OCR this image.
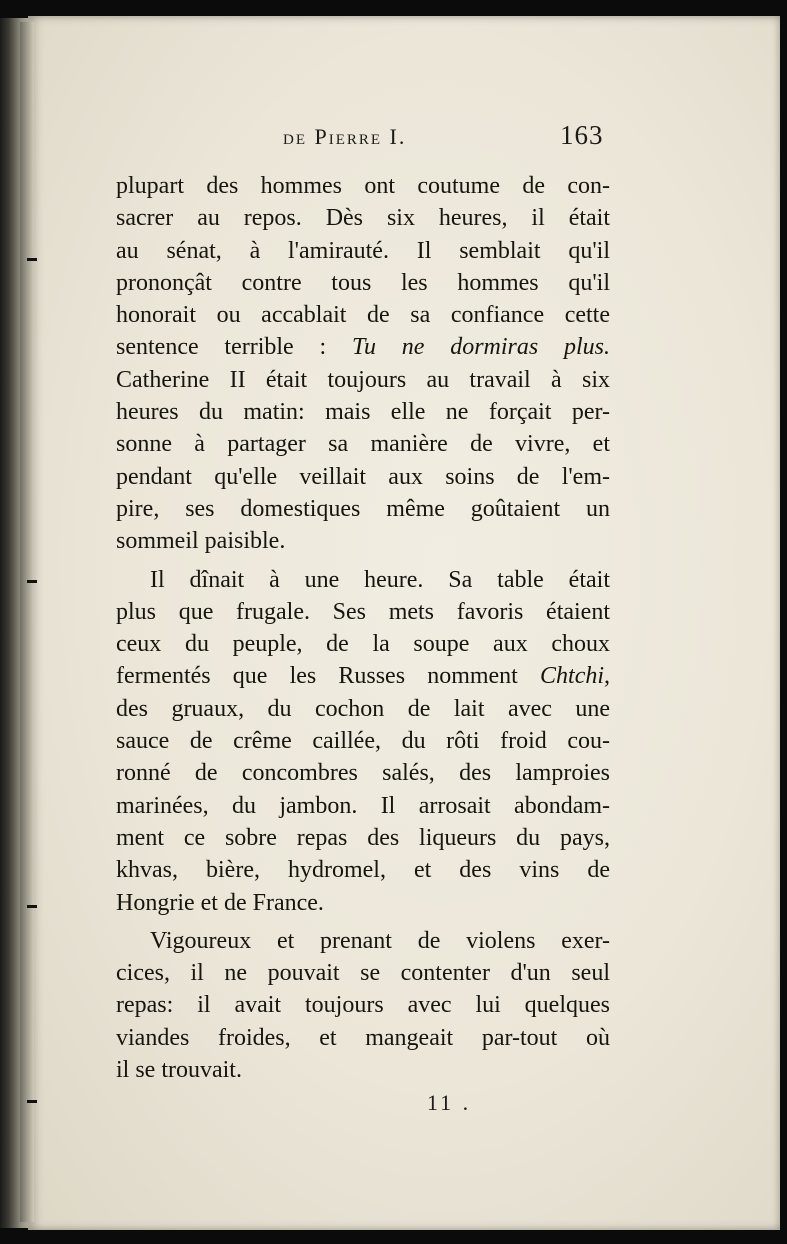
de Pierre I.	163
plupart des hommes ont coutume de con-
sacrer au repos. Dès six heures, il était
au sénat, à l'amirauté. Il semblait qu'il
prononçât contre tous les hommes qu'il
honorait ou accablait de sa confiance cette
sentence terrible : Tu ne dormiras plus.
Catherine II était toujours au travail à six
heures du matin: mais elle ne forçait per-
sonne à partager sa manière de vivre, et
pendant qu'elle veillait aux soins de l'em-
pire, ses domestiques même goûtaient un
sommeil paisible.
Il dînait à une heure. Sa table était
plus que frugale. Ses mets favoris étaient
ceux du peuple, de la soupe aux choux
fermentés que les Russes nomment Chtchi,
des gruaux, du cochon de lait avec une
sauce de crême caillée, du rôti froid cou-
ronné de concombres salés, des lamproies
marinées, du jambon. Il arrosait abondam-
ment ce sobre repas des liqueurs du pays,
khvas, bière, hydromel, et des vins de
Hongrie et de France.
Vigoureux et prenant de violens exer-
cices, il ne pouvait se contenter d'un seul
repas: il avait toujours avec lui quelques
viandes froides, et mangeait par-tout où
il se trouvait.
11 .
